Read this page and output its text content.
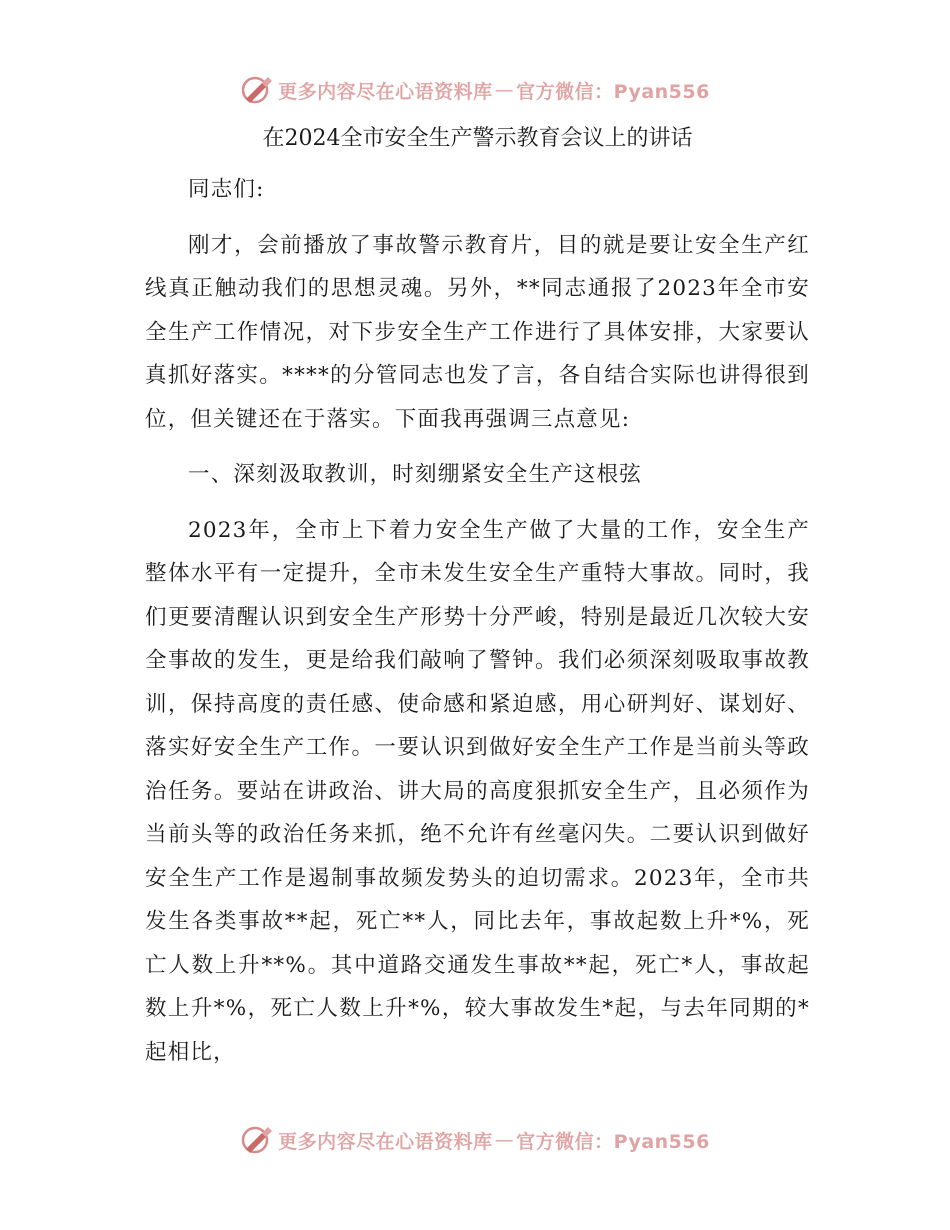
更多内容尽在心语资料库 — 官方微信：Pyan556
在2024全市安全生产警示教育会议上的讲话

同志们:

刚才，会前播放了事故警示教育片，目的就是要让安全生产红线真正触动我们的思想灵魂。另外，**同志通报了2023年全市安全生产工作情况，对下步安全生产工作进行了具体安排，大家要认真抓好落实。****的分管同志也发了言，各自结合实际也讲得很到位，但关键还在于落实。下面我再强调三点意见:

一、深刻汲取教训，时刻绷紧安全生产这根弦

2023年，全市上下着力安全生产做了大量的工作，安全生产整体水平有一定提升，全市未发生安全生产重特大事故。同时，我们更要清醒认识到安全生产形势十分严峻，特别是最近几次较大安全事故的发生，更是给我们敲响了警钟。我们必须深刻吸取事故教训，保持高度的责任感、使命感和紧迫感，用心研判好、谋划好、落实好安全生产工作。一要认识到做好安全生产工作是当前头等政治任务。要站在讲政治、讲大局的高度狠抓安全生产，且必须作为当前头等的政治任务来抓，绝不允许有丝毫闪失。二要认识到做好安全生产工作是遏制事故频发势头的迫切需求。2023年，全市共发生各类事故**起，死亡**人，同比去年，事故起数上升*%，死亡人数上升**%。其中道路交通发生事故**起，死亡*人，事故起数上升*%，死亡人数上升*%，较大事故发生*起，与去年同期的*起相比，

更多内容尽在心语资料库 — 官方微信：Pyan556
